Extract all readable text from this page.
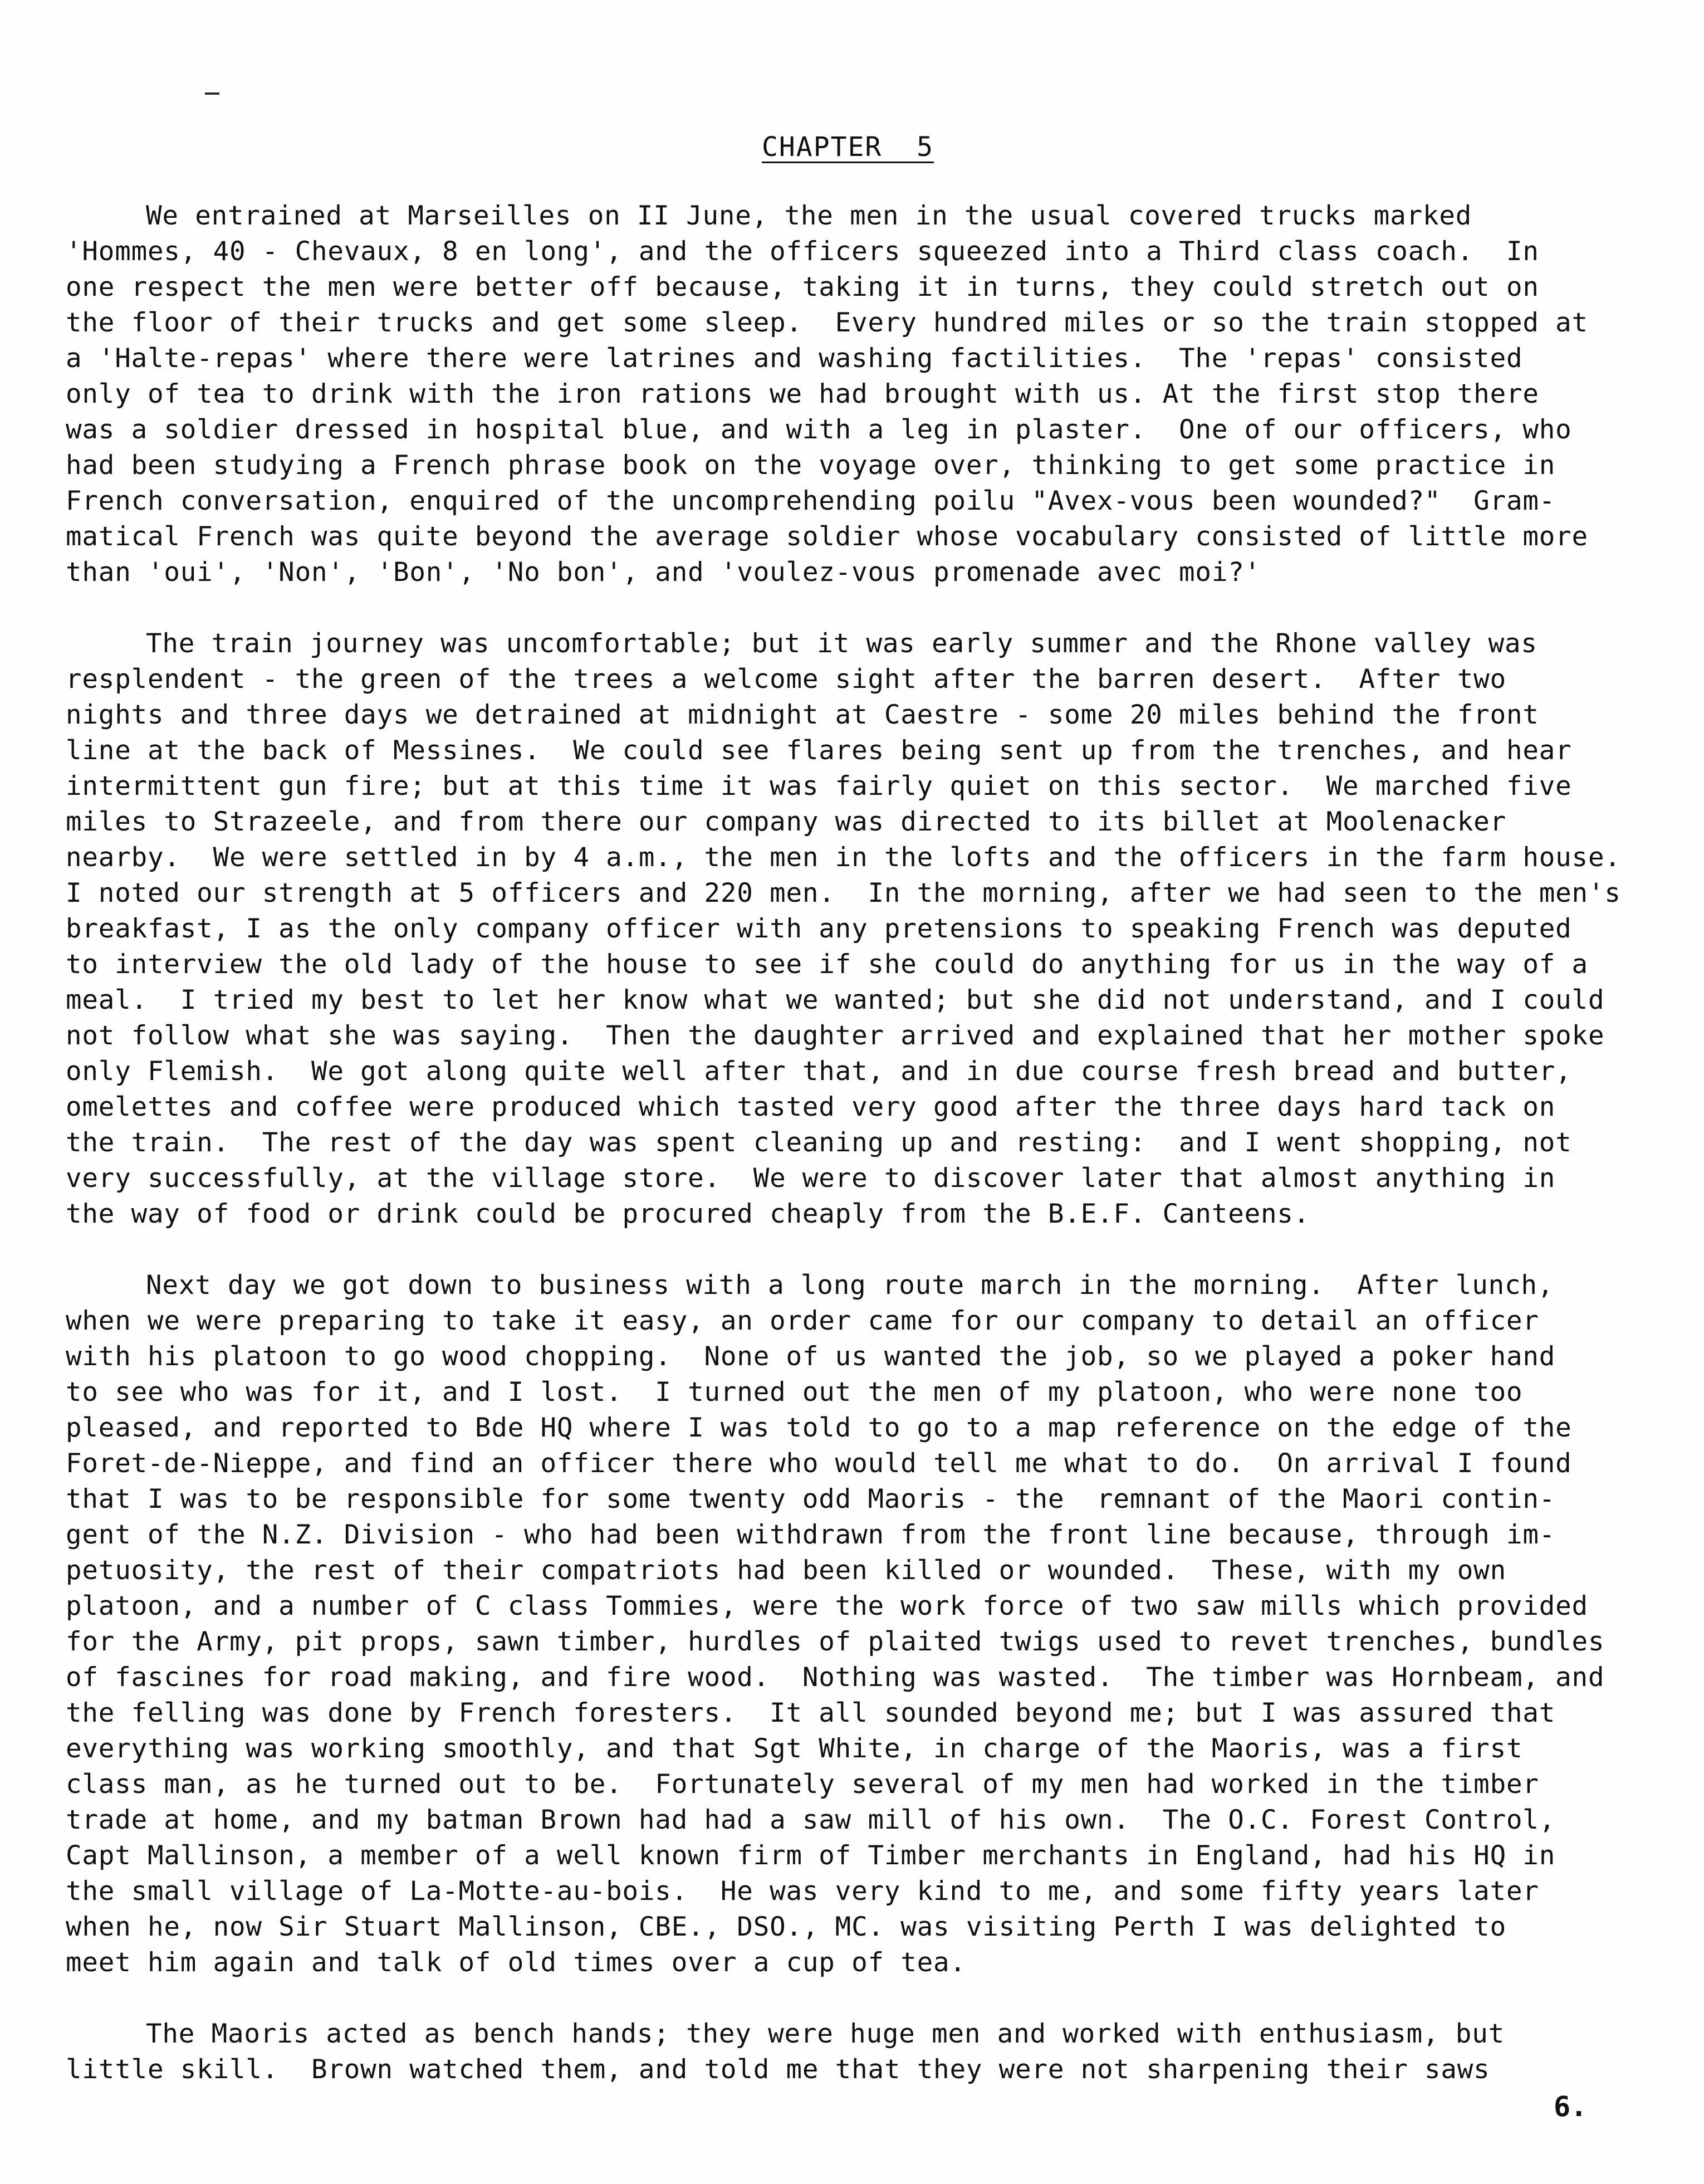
CHAPTER  5
We entrained at Marseilles on II June, the men in the usual covered trucks marked
'Hommes, 40 - Chevaux, 8 en long', and the officers squeezed into a Third class coach.  In
one respect the men were better off because, taking it in turns, they could stretch out on
the floor of their trucks and get some sleep.  Every hundred miles or so the train stopped at
a 'Halte-repas' where there were latrines and washing factilities.  The 'repas' consisted
only of tea to drink with the iron rations we had brought with us. At the first stop there
was a soldier dressed in hospital blue, and with a leg in plaster.  One of our officers, who
had been studying a French phrase book on the voyage over, thinking to get some practice in
French conversation, enquired of the uncomprehending poilu "Avex-vous been wounded?"  Gram-
matical French was quite beyond the average soldier whose vocabulary consisted of little more
than 'oui', 'Non', 'Bon', 'No bon', and 'voulez-vous promenade avec moi?'
The train journey was uncomfortable; but it was early summer and the Rhone valley was
resplendent - the green of the trees a welcome sight after the barren desert.  After two
nights and three days we detrained at midnight at Caestre - some 20 miles behind the front
line at the back of Messines.  We could see flares being sent up from the trenches, and hear
intermittent gun fire; but at this time it was fairly quiet on this sector.  We marched five
miles to Strazeele, and from there our company was directed to its billet at Moolenacker
nearby.  We were settled in by 4 a.m., the men in the lofts and the officers in the farm house.
I noted our strength at 5 officers and 220 men.  In the morning, after we had seen to the men's
breakfast, I as the only company officer with any pretensions to speaking French was deputed
to interview the old lady of the house to see if she could do anything for us in the way of a
meal.  I tried my best to let her know what we wanted; but she did not understand, and I could
not follow what she was saying.  Then the daughter arrived and explained that her mother spoke
only Flemish.  We got along quite well after that, and in due course fresh bread and butter,
omelettes and coffee were produced which tasted very good after the three days hard tack on
the train.  The rest of the day was spent cleaning up and resting:  and I went shopping, not
very successfully, at the village store.  We were to discover later that almost anything in
the way of food or drink could be procured cheaply from the B.E.F. Canteens.
Next day we got down to business with a long route march in the morning.  After lunch,
when we were preparing to take it easy, an order came for our company to detail an officer
with his platoon to go wood chopping.  None of us wanted the job, so we played a poker hand
to see who was for it, and I lost.  I turned out the men of my platoon, who were none too
pleased, and reported to Bde HQ where I was told to go to a map reference on the edge of the
Foret-de-Nieppe, and find an officer there who would tell me what to do.  On arrival I found
that I was to be responsible for some twenty odd Maoris - the  remnant of the Maori contin-
gent of the N.Z. Division - who had been withdrawn from the front line because, through im-
petuosity, the rest of their compatriots had been killed or wounded.  These, with my own
platoon, and a number of C class Tommies, were the work force of two saw mills which provided
for the Army, pit props, sawn timber, hurdles of plaited twigs used to revet trenches, bundles
of fascines for road making, and fire wood.  Nothing was wasted.  The timber was Hornbeam, and
the felling was done by French foresters.  It all sounded beyond me; but I was assured that
everything was working smoothly, and that Sgt White, in charge of the Maoris, was a first
class man, as he turned out to be.  Fortunately several of my men had worked in the timber
trade at home, and my batman Brown had had a saw mill of his own.  The O.C. Forest Control,
Capt Mallinson, a member of a well known firm of Timber merchants in England, had his HQ in
the small village of La-Motte-au-bois.  He was very kind to me, and some fifty years later
when he, now Sir Stuart Mallinson, CBE., DSO., MC. was visiting Perth I was delighted to
meet him again and talk of old times over a cup of tea.
The Maoris acted as bench hands; they were huge men and worked with enthusiasm, but
little skill.  Brown watched them, and told me that they were not sharpening their saws
6.
